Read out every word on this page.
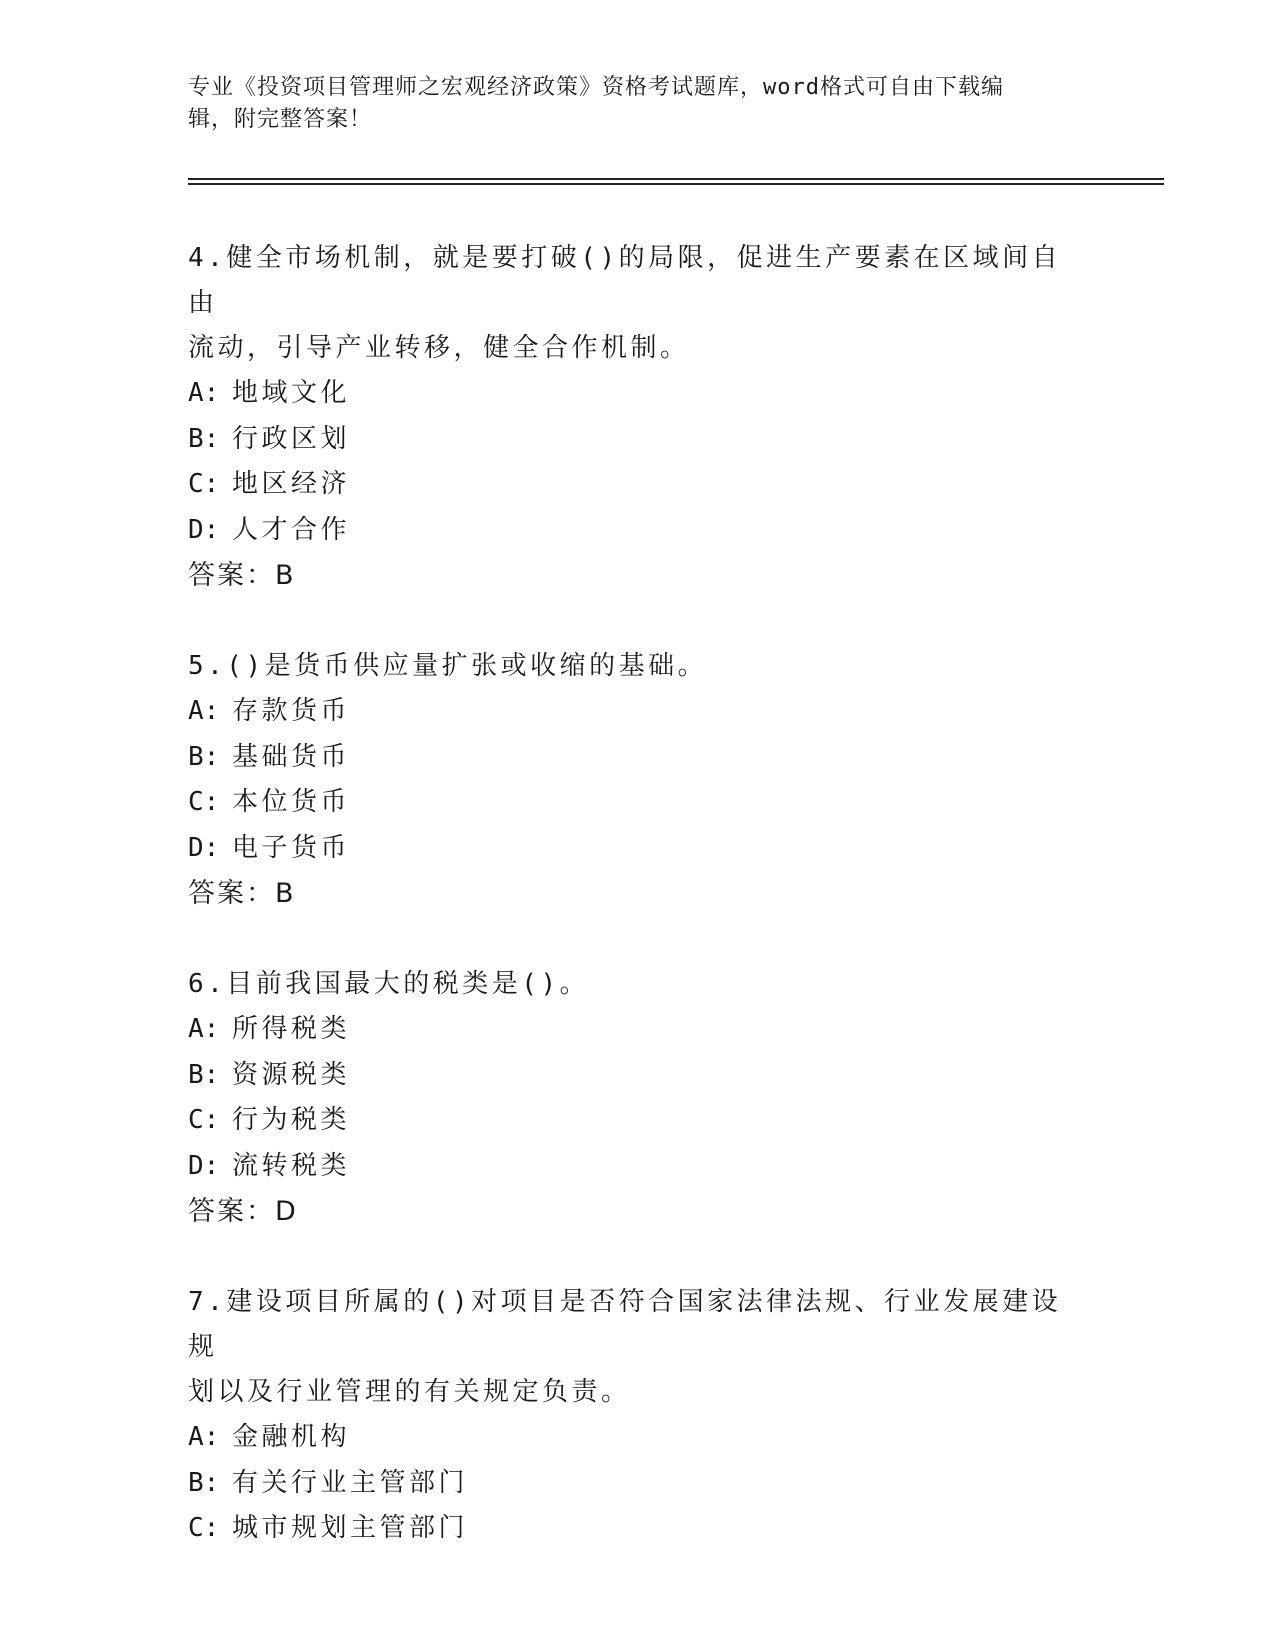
专业《投资项目管理师之宏观经济政策》资格考试题库，word格式可自由下载编
辑，附完整答案！
4.健全市场机制，就是要打破()的局限，促进生产要素在区域间自由
流动，引导产业转移，健全合作机制。
A: 地域文化
B: 行政区划
C: 地区经济
D: 人才合作
答案：B
5.()是货币供应量扩张或收缩的基础。
A: 存款货币
B: 基础货币
C: 本位货币
D: 电子货币
答案：B
6.目前我国最大的税类是()。
A: 所得税类
B: 资源税类
C: 行为税类
D: 流转税类
答案：D
7.建设项目所属的()对项目是否符合国家法律法规、行业发展建设规
划以及行业管理的有关规定负责。
A: 金融机构
B: 有关行业主管部门
C: 城市规划主管部门
